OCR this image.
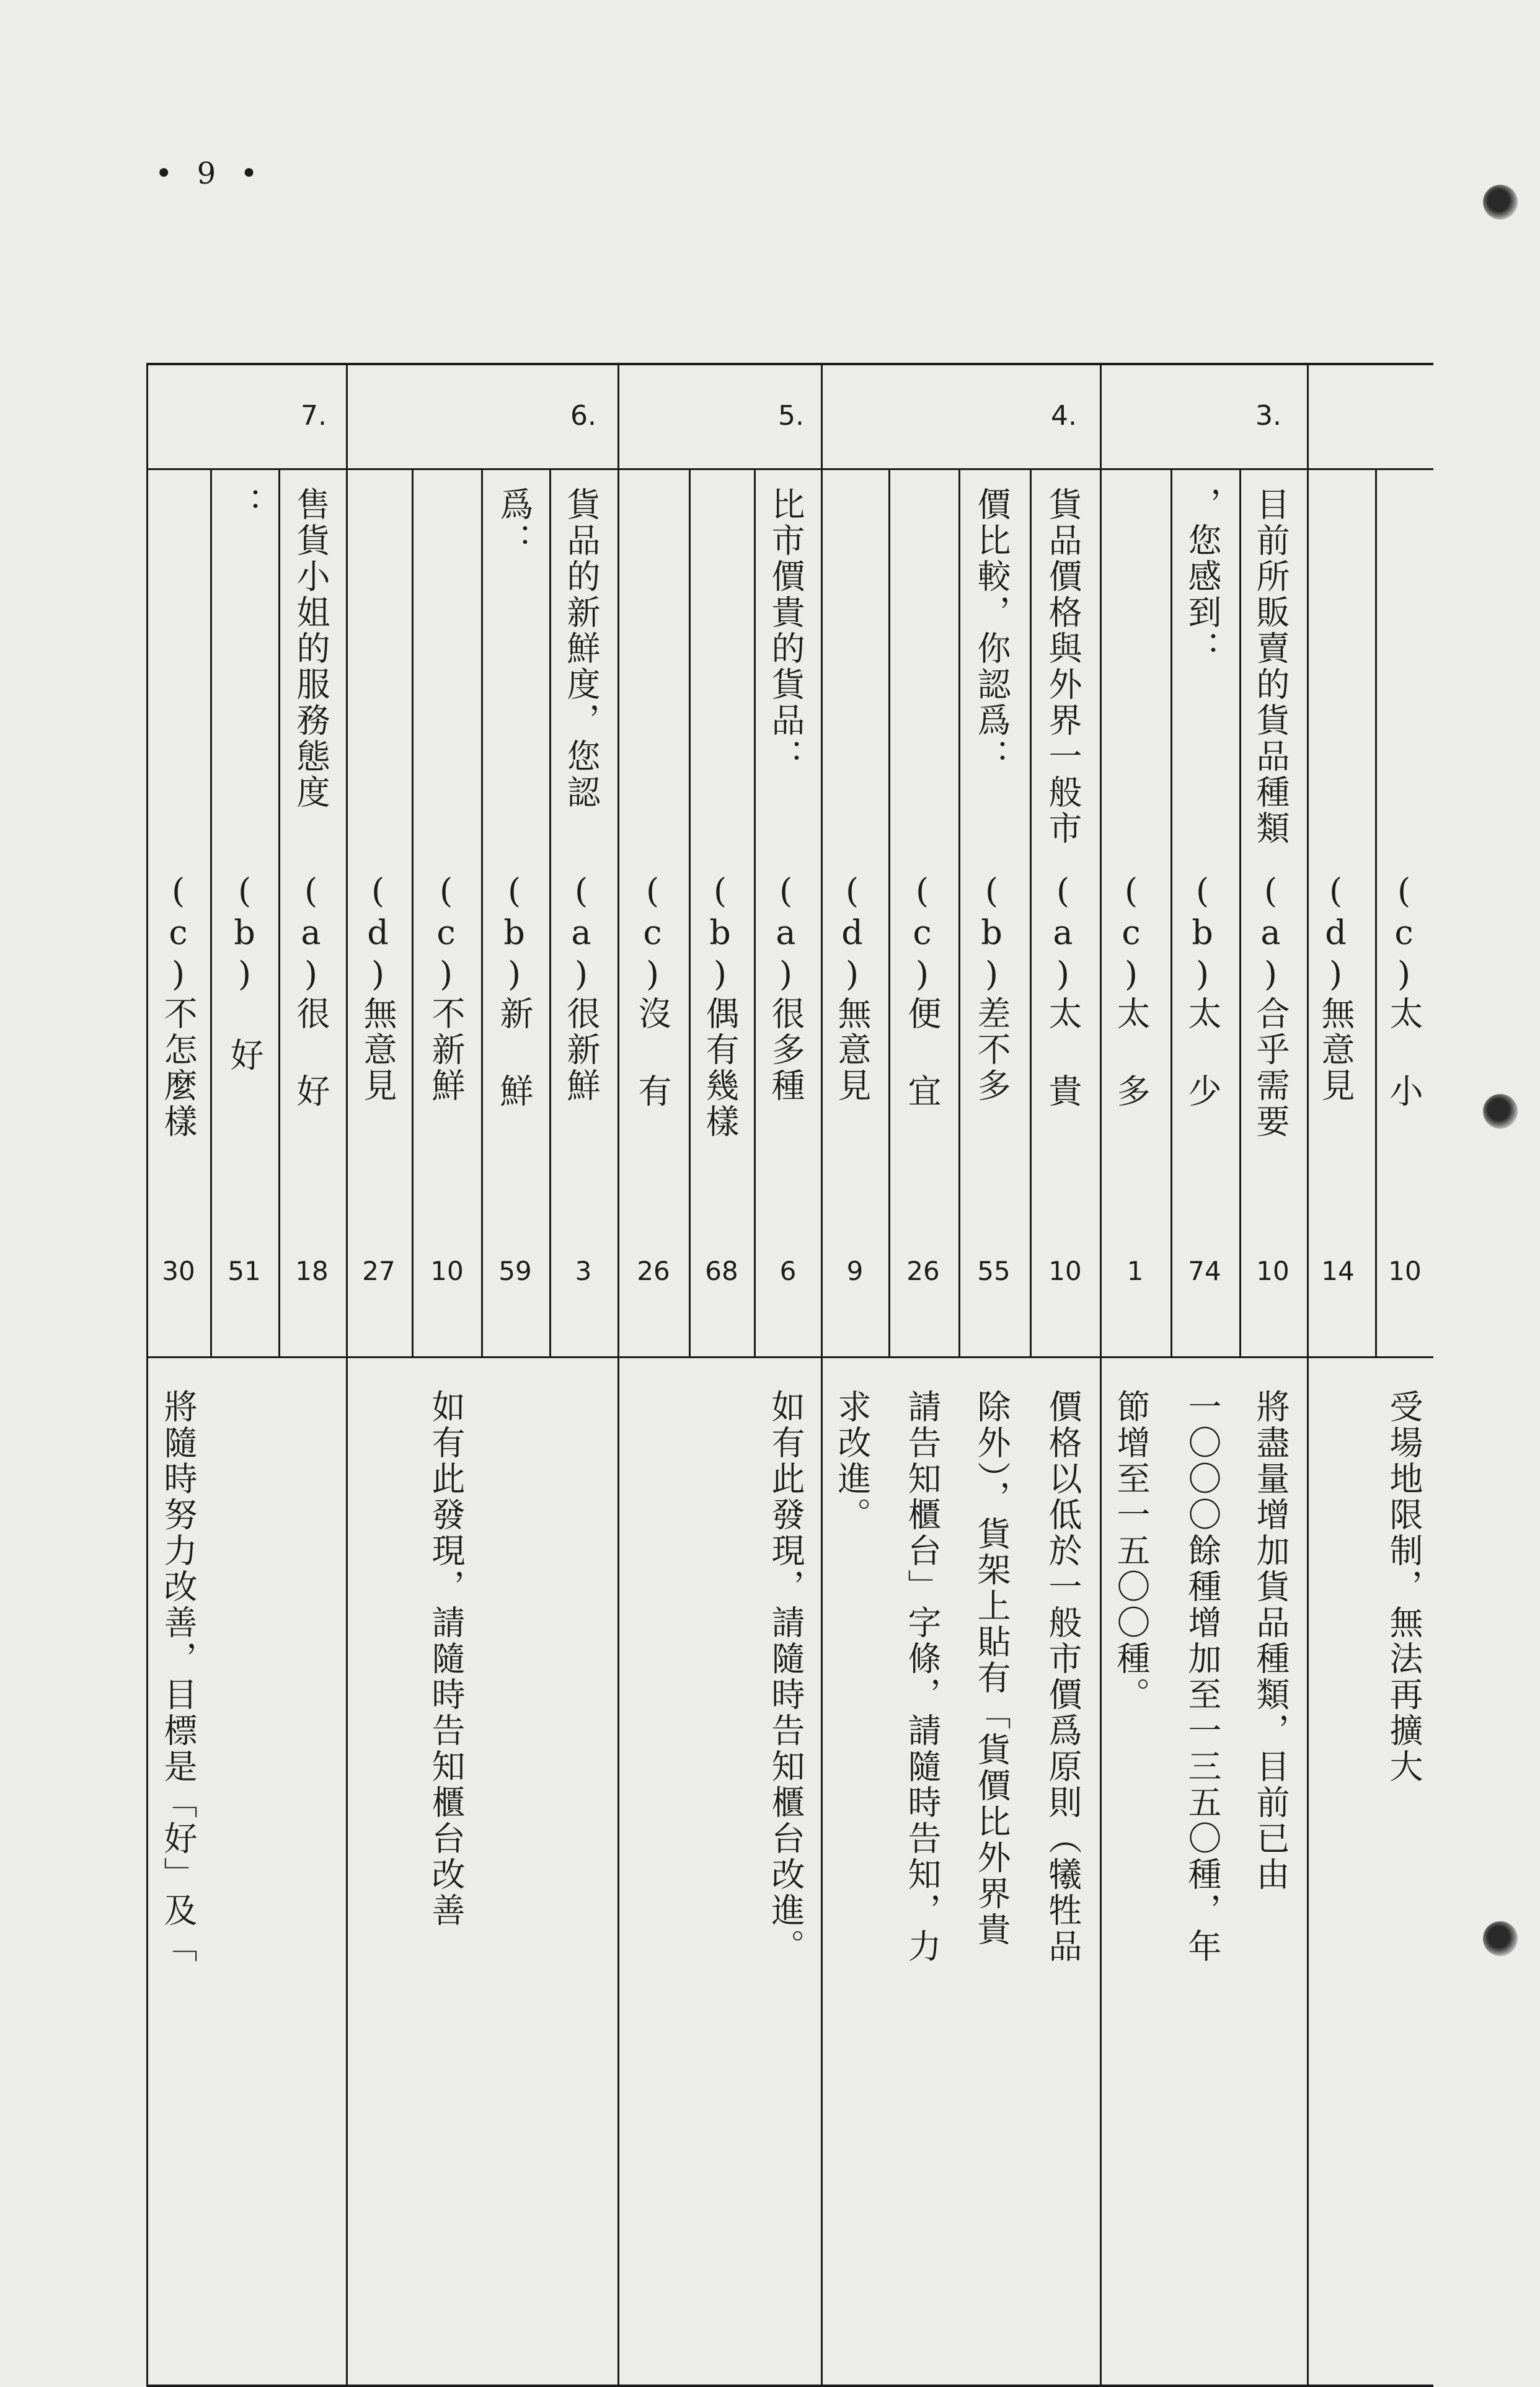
• 9 •
3.
目前所販賣的貨品種類
，您感到：
(a)合乎需要
(b)太 少
(c)太 多
10
74
1
將盡量增加貨品種類，目前已由
一〇〇〇餘種增加至一三五〇種，年
節增至一五〇〇種。
(c)太 小
(d)無意見
10
14
受場地限制，無法再擴大
4.
貨品價格與外界一般市
價比較，你認爲：
(a)太 貴
(b)差不多
(c)便 宜
(d)無意見
10
55
26
9
價格以低於一般市價爲原則（犧牲品
除外），貨架上貼有「貨價比外界貴
請告知櫃台」字條，請隨時告知，力
求改進。
5.
比市價貴的貨品：
(a)很多種
(b)偶有幾樣
(c)沒 有
6
68
26
如有此發現，請隨時告知櫃台改進。
6.
貨品的新鮮度，您認
爲：
(a)很新鮮
(b)新 鮮
(c)不新鮮
(d)無意見
3
59
10
27
如有此發現，請隨時告知櫃台改善
7.
售貨小姐的服務態度
：
(a)很 好
(b) 好
(c)不怎麼樣
18
51
30
將隨時努力改善，目標是「好」及「
